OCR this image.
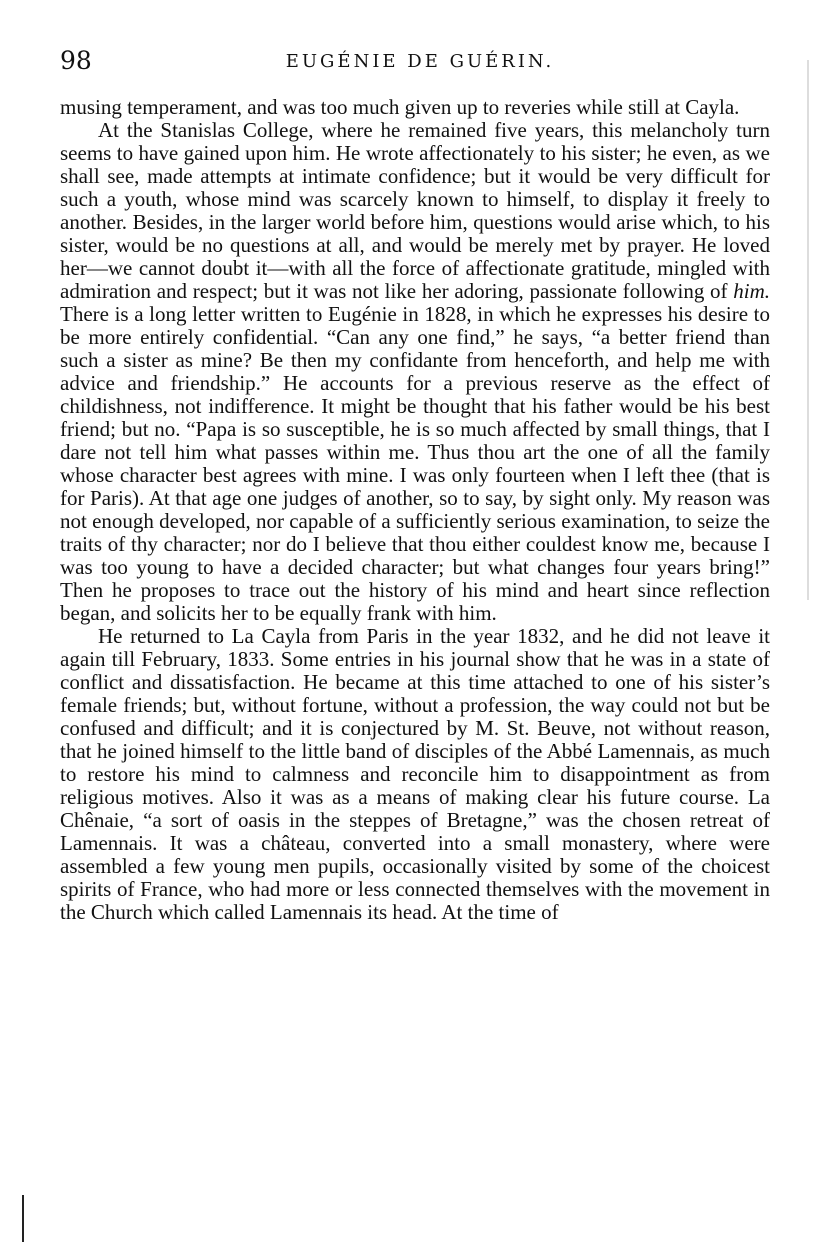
98	EUGÉNIE DE GUÉRIN.

musing temperament, and was too much given up to reveries while still at Cayla.

At the Stanislas College, where he remained five years, this melancholy turn seems to have gained upon him. He wrote affectionately to his sister; he even, as we shall see, made attempts at intimate confidence; but it would be very difficult for such a youth, whose mind was scarcely known to himself, to display it freely to another. Besides, in the larger world before him, questions would arise which, to his sister, would be no questions at all, and would be merely met by prayer. He loved her—we cannot doubt it—with all the force of affectionate gratitude, mingled with admiration and respect; but it was not like her adoring, passionate following of him. There is a long letter written to Eugénie in 1828, in which he expresses his desire to be more entirely confidential. “Can any one find,” he says, “a better friend than such a sister as mine? Be then my confidante from henceforth, and help me with advice and friendship.” He accounts for a previous reserve as the effect of childishness, not indifference. It might be thought that his father would be his best friend; but no. “Papa is so susceptible, he is so much affected by small things, that I dare not tell him what passes within me. Thus thou art the one of all the family whose character best agrees with mine. I was only fourteen when I left thee (that is for Paris). At that age one judges of another, so to say, by sight only. My reason was not enough developed, nor capable of a sufficiently serious examination, to seize the traits of thy character; nor do I believe that thou either couldest know me, because I was too young to have a decided character; but what changes four years bring!” Then he proposes to trace out the history of his mind and heart since reflection began, and solicits her to be equally frank with him.

He returned to La Cayla from Paris in the year 1832, and he did not leave it again till February, 1833. Some entries in his journal show that he was in a state of conflict and dissatisfaction. He became at this time attached to one of his sister’s female friends; but, without fortune, without a profession, the way could not but be confused and difficult; and it is conjectured by M. St. Beuve, not without reason, that he joined himself to the little band of disciples of the Abbé Lamennais, as much to restore his mind to calmness and reconcile him to disappointment as from religious motives. Also it was as a means of making clear his future course. La Chênaie, “a sort of oasis in the steppes of Bretagne,” was the chosen retreat of Lamennais. It was a château, converted into a small monastery, where were assembled a few young men pupils, occasionally visited by some of the choicest spirits of France, who had more or less connected themselves with the movement in the Church which called Lamennais its head. At the time of
